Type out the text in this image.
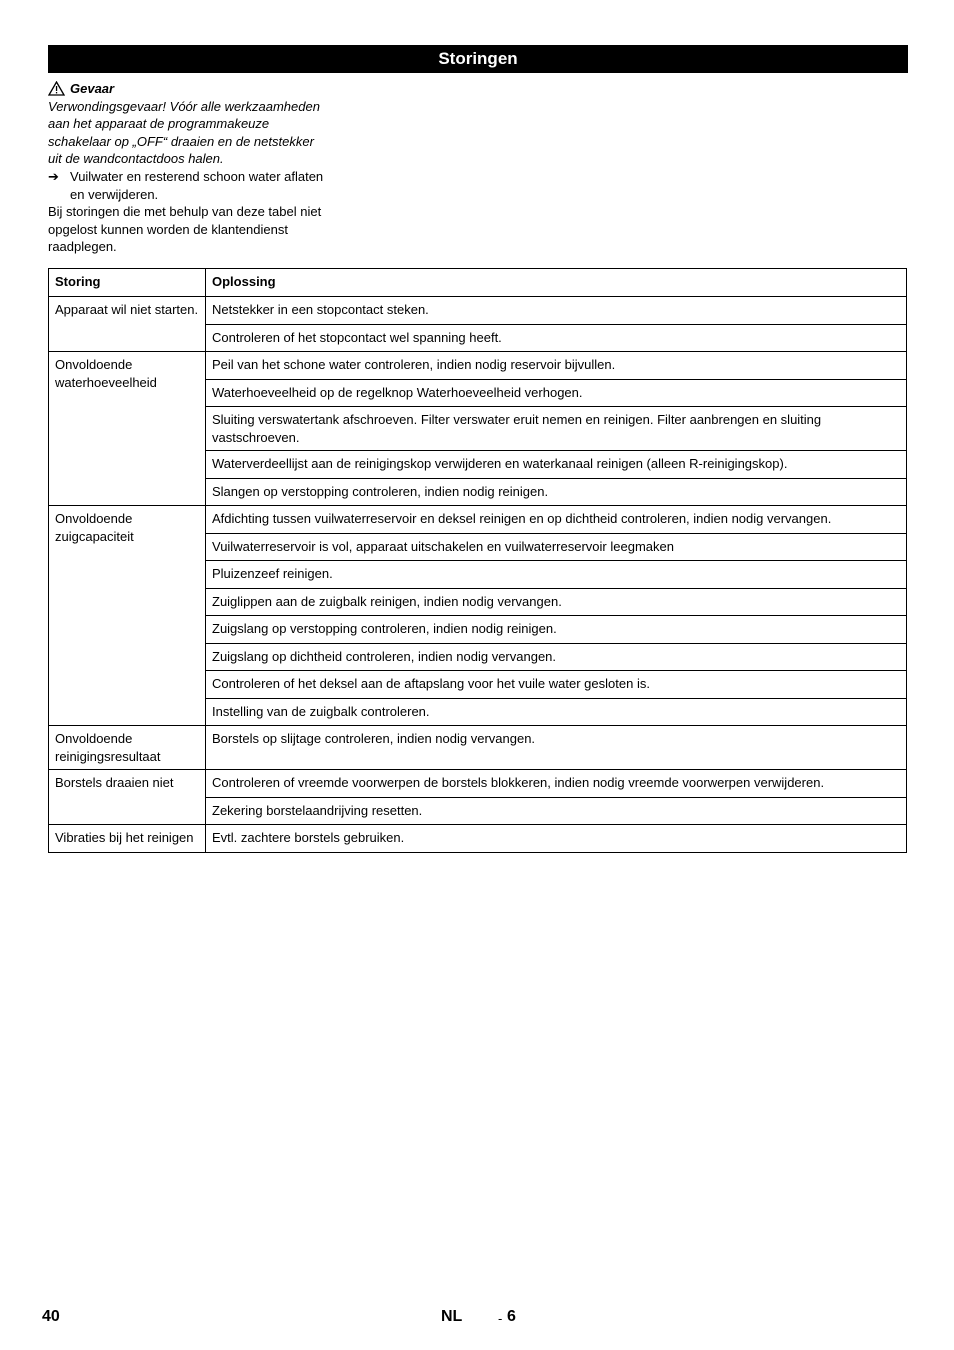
Storingen
Gevaar
Verwondingsgevaar! Vóór alle werkzaamheden aan het apparaat de programmakeuze schakelaar op „OFF“ draaien en de netstekker uit de wandcontactdoos halen.
➔ Vuilwater en resterend schoon water aflaten en verwijderen.
Bij storingen die met behulp van deze tabel niet opgelost kunnen worden de klantendienst raadplegen.
Storing	Oplossing
Apparaat wil niet starten.	Netstekker in een stopcontact steken.
	Controleren of het stopcontact wel spanning heeft.
Onvoldoende waterhoeveelheid	Peil van het schone water controleren, indien nodig reservoir bijvullen.
	Waterhoeveelheid op de regelknop Waterhoeveelheid verhogen.
	Sluiting verswatertank afschroeven. Filter verswater eruit nemen en reinigen. Filter aanbrengen en sluiting vastschroeven.
	Waterverdeellijst aan de reinigingskop verwijderen en waterkanaal reinigen (alleen R-reinigingskop).
	Slangen op verstopping controleren, indien nodig reinigen.
Onvoldoende zuigcapaciteit	Afdichting tussen vuilwaterreservoir en deksel reinigen en op dichtheid controleren, indien nodig vervangen.
	Vuilwaterreservoir is vol, apparaat uitschakelen en vuilwaterreservoir leegmaken
	Pluizenzeef reinigen.
	Zuiglippen aan de zuigbalk reinigen, indien nodig vervangen.
	Zuigslang op verstopping controleren, indien nodig reinigen.
	Zuigslang op dichtheid controleren, indien nodig vervangen.
	Controleren of het deksel aan de aftapslang voor het vuile water gesloten is.
	Instelling van de zuigbalk controleren.
Onvoldoende reinigingsresultaat	Borstels op slijtage controleren, indien nodig vervangen.
Borstels draaien niet	Controleren of vreemde voorwerpen de borstels blokkeren, indien nodig vreemde voorwerpen verwijderen.
	Zekering borstelaandrijving resetten.
Vibraties bij het reinigen	Evtl. zachtere borstels gebruiken.
40	NL	- 6
